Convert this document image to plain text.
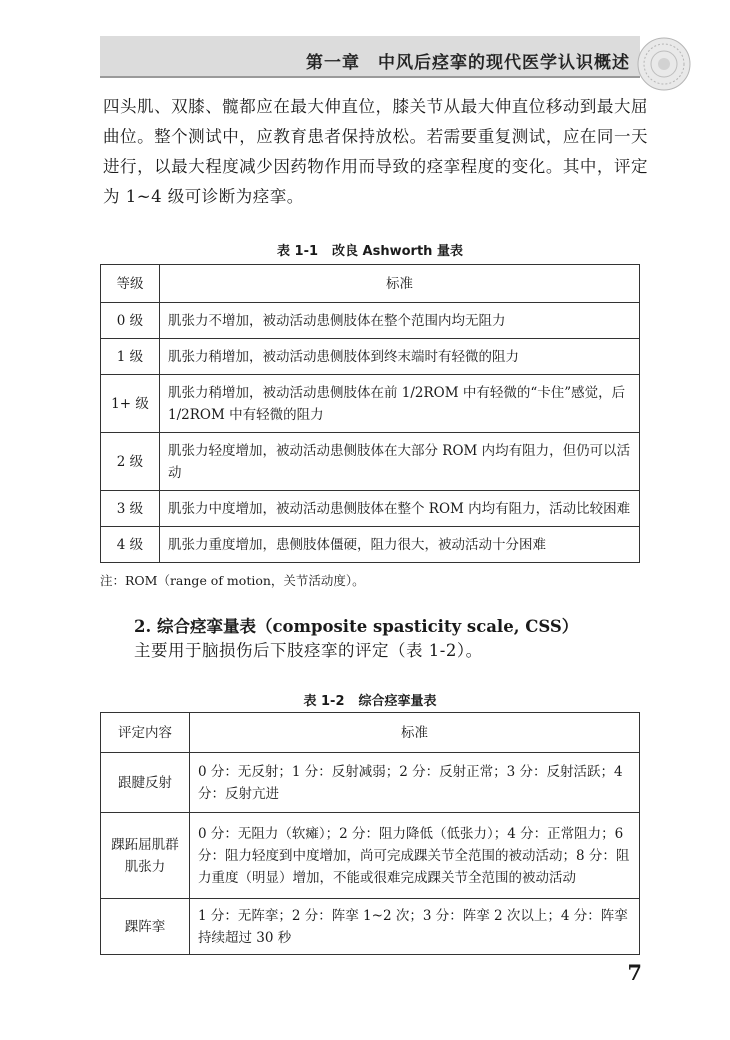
第一章　中风后痉挛的现代医学认识概述

四头肌、双膝、髋都应在最大伸直位，膝关节从最大伸直位移动到最大屈曲位。整个测试中，应教育患者保持放松。若需要重复测试，应在同一天进行，以最大程度减少因药物作用而导致的痉挛程度的变化。其中，评定为 1~4 级可诊断为痉挛。

表 1-1 改良 Ashworth 量表
等级	标准
0 级	肌张力不增加，被动活动患侧肢体在整个范围内均无阻力
1 级	肌张力稍增加，被动活动患侧肢体到终末端时有轻微的阻力
1+ 级	肌张力稍增加，被动活动患侧肢体在前 1/2ROM 中有轻微的“卡住”感觉，后 1/2ROM 中有轻微的阻力
2 级	肌张力轻度增加，被动活动患侧肢体在大部分 ROM 内均有阻力，但仍可以活动
3 级	肌张力中度增加，被动活动患侧肢体在整个 ROM 内均有阻力，活动比较困难
4 级	肌张力重度增加，患侧肢体僵硬，阻力很大，被动活动十分困难
注：ROM（range of motion，关节活动度）。
2. 综合痉挛量表（composite spasticity scale, CSS）

主要用于脑损伤后下肢痉挛的评定（表 1-2）。

表 1-2 综合痉挛量表
评定内容	标准
跟腱反射	0 分：无反射；1 分：反射减弱；2 分：反射正常；3 分：反射活跃；4 分：反射亢进
踝跖屈肌群肌张力	0 分：无阻力（软瘫）；2 分：阻力降低（低张力）；4 分：正常阻力；6 分：阻力轻度到中度增加，尚可完成踝关节全范围的被动活动；8 分：阻力重度（明显）增加，不能或很难完成踝关节全范围的被动活动
踝阵挛	1 分：无阵挛；2 分：阵挛 1~2 次；3 分：阵挛 2 次以上；4 分：阵挛持续超过 30 秒
7
